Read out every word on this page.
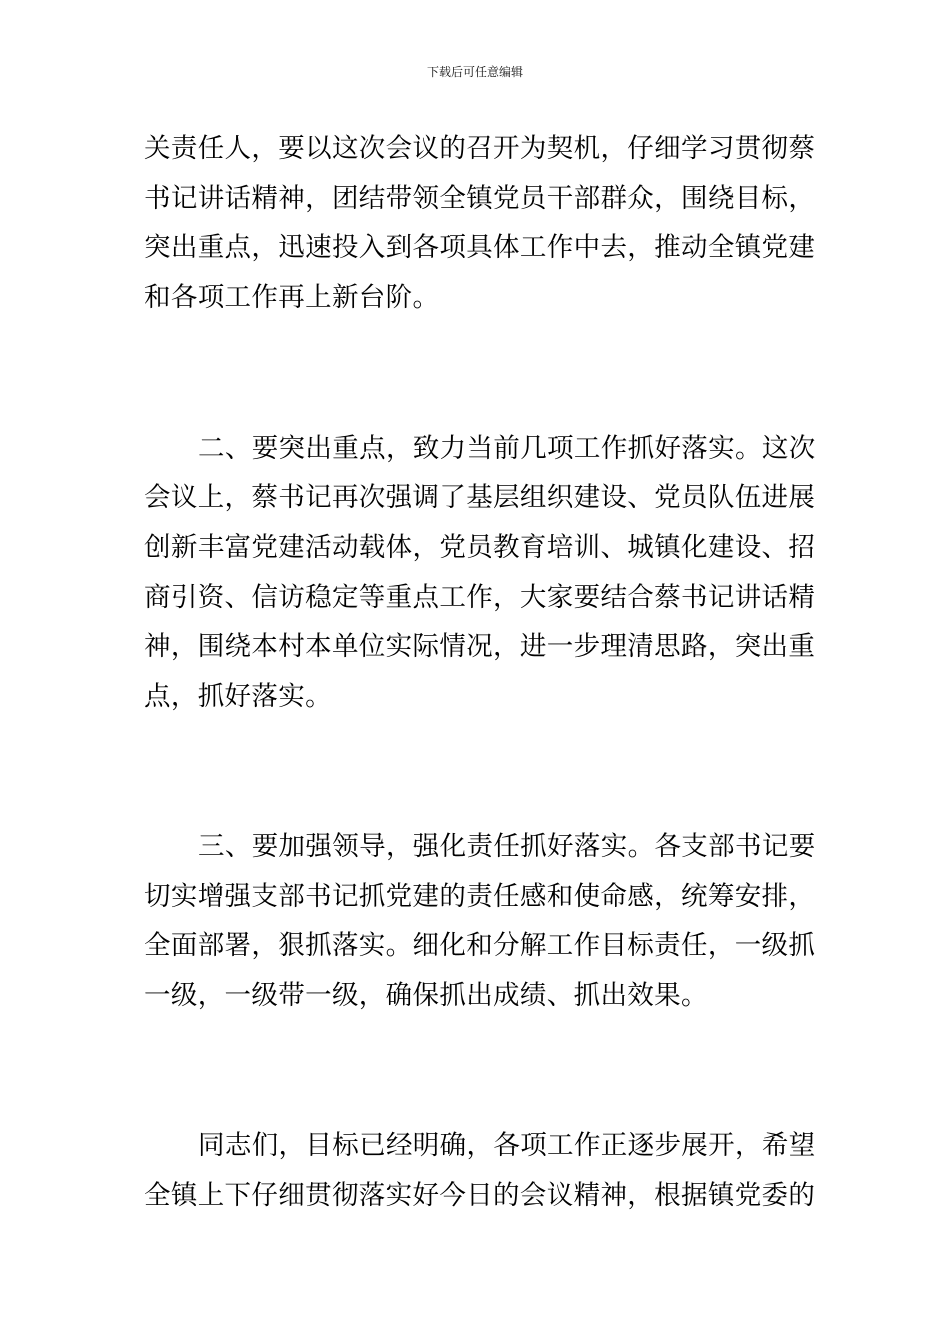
下载后可任意编辑
关责任人，要以这次会议的召开为契机，仔细学习贯彻蔡
书记讲话精神，团结带领全镇党员干部群众，围绕目标，
突出重点，迅速投入到各项具体工作中去，推动全镇党建
和各项工作再上新台阶。
二、要突出重点，致力当前几项工作抓好落实。这次
会议上，蔡书记再次强调了基层组织建设、党员队伍进展
创新丰富党建活动载体，党员教育培训、城镇化建设、招
商引资、信访稳定等重点工作，大家要结合蔡书记讲话精
神，围绕本村本单位实际情况，进一步理清思路，突出重
点，抓好落实。
三、要加强领导，强化责任抓好落实。各支部书记要
切实增强支部书记抓党建的责任感和使命感，统筹安排，
全面部署，狠抓落实。细化和分解工作目标责任，一级抓
一级，一级带一级，确保抓出成绩、抓出效果。
同志们，目标已经明确，各项工作正逐步展开，希望
全镇上下仔细贯彻落实好今日的会议精神，根据镇党委的
